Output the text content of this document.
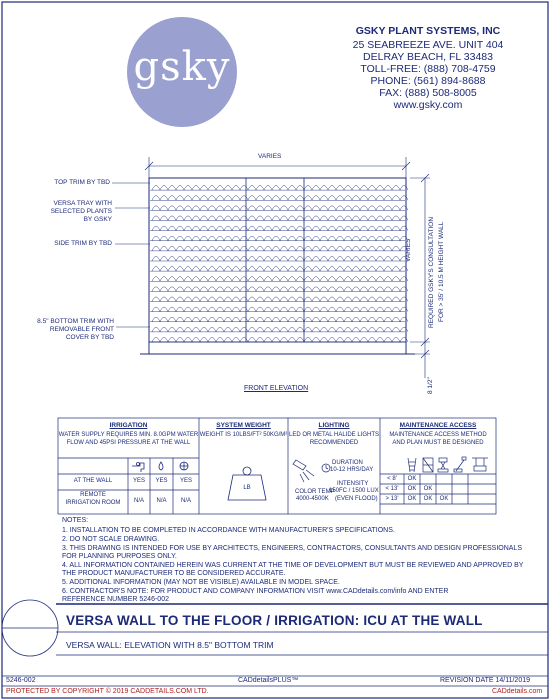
gsky
GSKY PLANT SYSTEMS, INC
25 SEABREEZE AVE. UNIT 404
DELRAY BEACH, FL 33483
TOLL-FREE: (888) 708-4759
PHONE: (561) 894-8688
FAX: (888) 508-8005
www.gsky.com
VARIES
TOP TRIM BY TBD
VERSA TRAY WITH
SELECTED PLANTS
BY GSKY
SIDE TRIM BY TBD
8.5" BOTTOM TRIM WITH
REMOVABLE FRONT
COVER BY TBD
VARIES REQUIRED GSKY'S CONSULTATION FOR > 35' / 10.5 M HEIGHT WALL
8 1/2"
FRONT ELEVATION
IRRIGATION
WATER SUPPLY REQUIRES MIN. 8.0GPM WATER
FLOW AND 45PSI PRESSURE AT THE WALL
AT THE WALL	YES	YES	YES
REMOTE
IRRIGATION ROOM	N/A	N/A	N/A
SYSTEM WEIGHT
WEIGHT IS 10LBS/FT² 50KG/M²
LB
LIGHTING
LED OR METAL HALIDE LIGHTS
RECOMMENDED
DURATION
10-12 HRS/DAY
COLOR TEMP
4000-4500K
INTENSITY
150FC / 1500 LUX
(EVEN FLOOD)
MAINTENANCE ACCESS
MAINTENANCE ACCESS METHOD
AND PLAN MUST BE DESIGNED
< 8'	OK
< 13'	OK	OK
> 13'	OK	OK	OK
NOTES:
1. INSTALLATION TO BE COMPLETED IN ACCORDANCE WITH MANUFACTURER'S SPECIFICATIONS.
2. DO NOT SCALE DRAWING.
3. THIS DRAWING IS INTENDED FOR USE BY ARCHITECTS, ENGINEERS, CONTRACTORS, CONSULTANTS AND DESIGN PROFESSIONALS
FOR PLANNING PURPOSES ONLY.
4. ALL INFORMATION CONTAINED HEREIN WAS CURRENT AT THE TIME OF DEVELOPMENT BUT MUST BE REVIEWED AND APPROVED BY
THE PRODUCT MANUFACTURER TO BE CONSIDERED ACCURATE.
5. ADDITIONAL INFORMATION (MAY NOT BE VISIBLE) AVAILABLE IN MODEL SPACE.
6. CONTRACTOR'S NOTE: FOR PRODUCT AND COMPANY INFORMATION VISIT www.CADdetails.com/info AND ENTER
REFERENCE NUMBER 5246-002
VERSA WALL TO THE FLOOR / IRRIGATION: ICU AT THE WALL
VERSA WALL: ELEVATION WITH 8.5" BOTTOM TRIM
5246-002	CADdetailsPLUS™	REVISION DATE 14/11/2019
PROTECTED BY COPYRIGHT © 2019 CADDETAILS.COM LTD.	CADdetails.com
